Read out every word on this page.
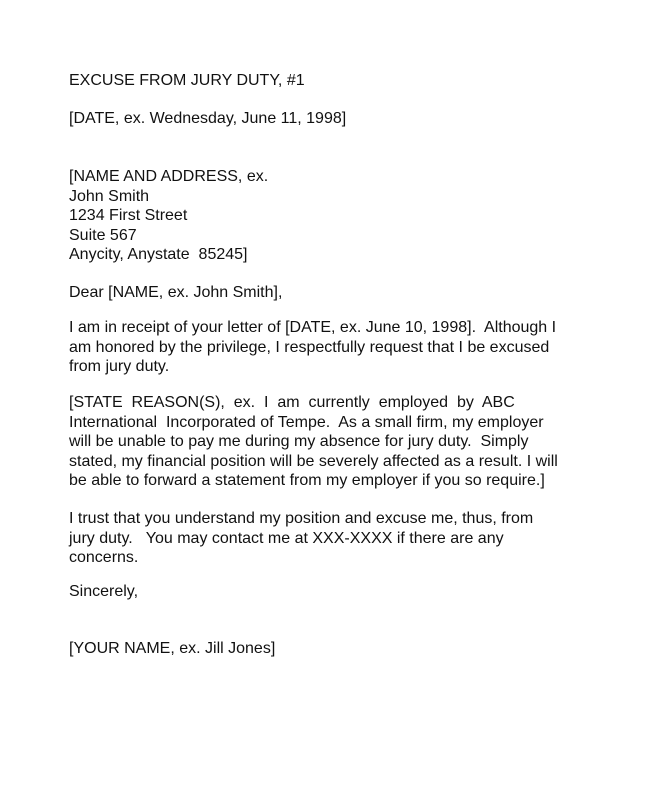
EXCUSE FROM JURY DUTY, #1
[DATE, ex. Wednesday, June 11, 1998]
[NAME AND ADDRESS, ex.
John Smith
1234 First Street
Suite 567
Anycity, Anystate  85245]
Dear [NAME, ex. John Smith],
I am in receipt of your letter of [DATE, ex. June 10, 1998].  Although I
am honored by the privilege, I respectfully request that I be excused
from jury duty.
[STATE  REASON(S),  ex.  I  am  currently  employed  by  ABC
International  Incorporated of Tempe.  As a small firm, my employer
will be unable to pay me during my absence for jury duty.  Simply
stated, my financial position will be severely affected as a result. I will
be able to forward a statement from my employer if you so require.]
I trust that you understand my position and excuse me, thus, from
jury duty.   You may contact me at XXX-XXXX if there are any
concerns.
Sincerely,
[YOUR NAME, ex. Jill Jones]
